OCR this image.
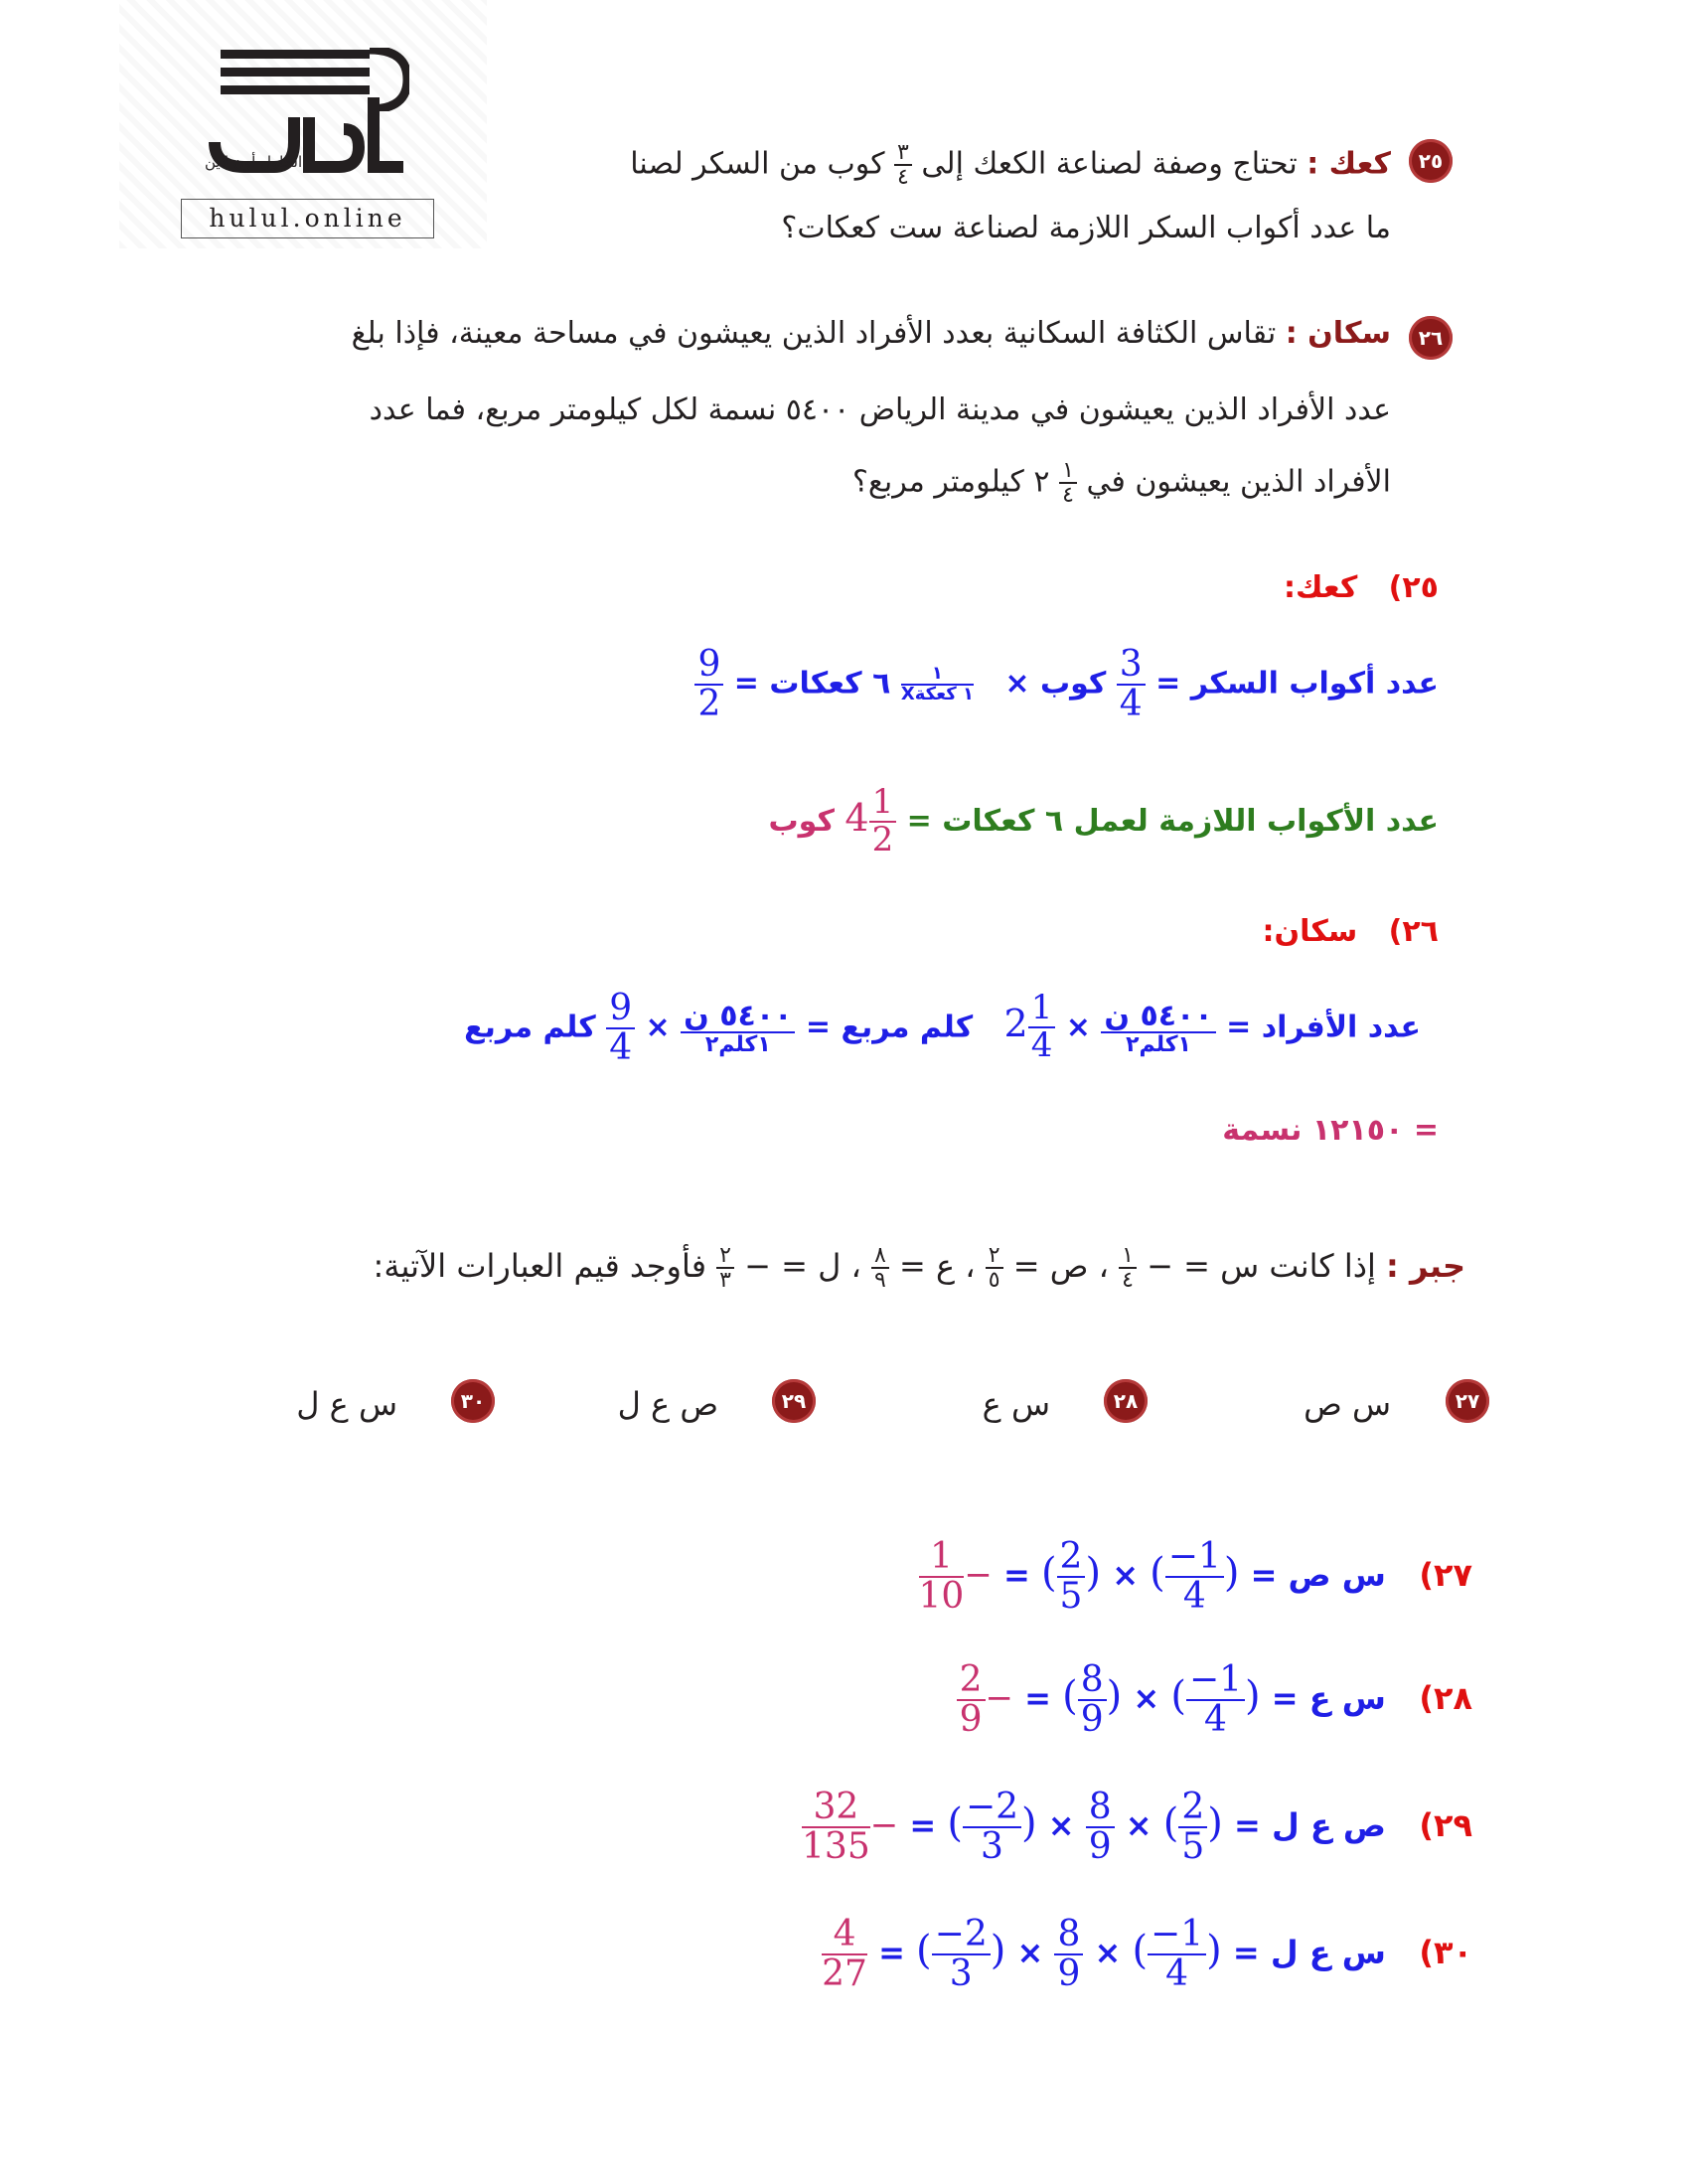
الحلول أون لاين
hulul.online
٢٥
كعك : تحتاج وصفة لصناعة الكعك إلى
$\frac{٣}{٤}$
كوب من السكر لصنا
ما عدد أكواب السكر اللازمة لصناعة ست كعكات؟
٢٦
سكان : تقاس الكثافة السكانية بعدد الأفراد الذين يعيشون في مساحة معينة، فإذا بلغ
عدد الأفراد الذين يعيشون في مدينة الرياض ٥٤٠٠ نسمة لكل كيلومتر مربع، فما عدد
الأفراد الذين يعيشون في
$\frac{١}{٤}$
٢ كيلومتر مربع؟
٢٥)   كعك:
عدد أكواب السكر =
$\frac{3}{4}$
كوب ×
$\frac{١}{\text{١ كعكةX}}$
٦ كعكات =
$\frac{9}{2}$
عدد الأكواب اللازمة لعمل ٦ كعكات = $4 \frac{1}{2}$
كوب
٢٦)   سكان:
عدد الأفراد =
$\frac{\text{٥٤٠٠ ن}}{\text{١كلم٢}}$
× $2 \frac{1}{4}$
كلم مربع =
$\frac{\text{٥٤٠٠ ن}}{\text{١كلم٢}}$
×
$\frac{9}{4}$
كلم مربع
= ١٢١٥٠ نسمة
جبر : إذا كانت س = −
$\frac{١}{٤}$
، ص =
$\frac{٢}{٥}$
، ع =
$\frac{٨}{٩}$
، ل = −
$\frac{٢}{٣}$
فأوجد قيم العبارات الآتية:
٢٧
س ص
٢٨
س ع
٢٩
ص ع ل
٣٠
س ع ل
٢٧)   س ص = (
$\frac{1-}{4}$
) × (
$\frac{2}{5}$
) = −
$\frac{1}{10}$
٢٨)   س ع = (
$\frac{1-}{4}$
) × (
$\frac{8}{9}$
) = −
$\frac{2}{9}$
٢٩)   ص ع ل = (
$\frac{2}{5}$
) ×
$\frac{8}{9}$
× (
$\frac{2-}{3}$
) = −
$\frac{32}{135}$
٣٠)   س ع ل = (
$\frac{1-}{4}$
) ×
$\frac{8}{9}$
× (
$\frac{2-}{3}$
) =
$\frac{4}{27}$
